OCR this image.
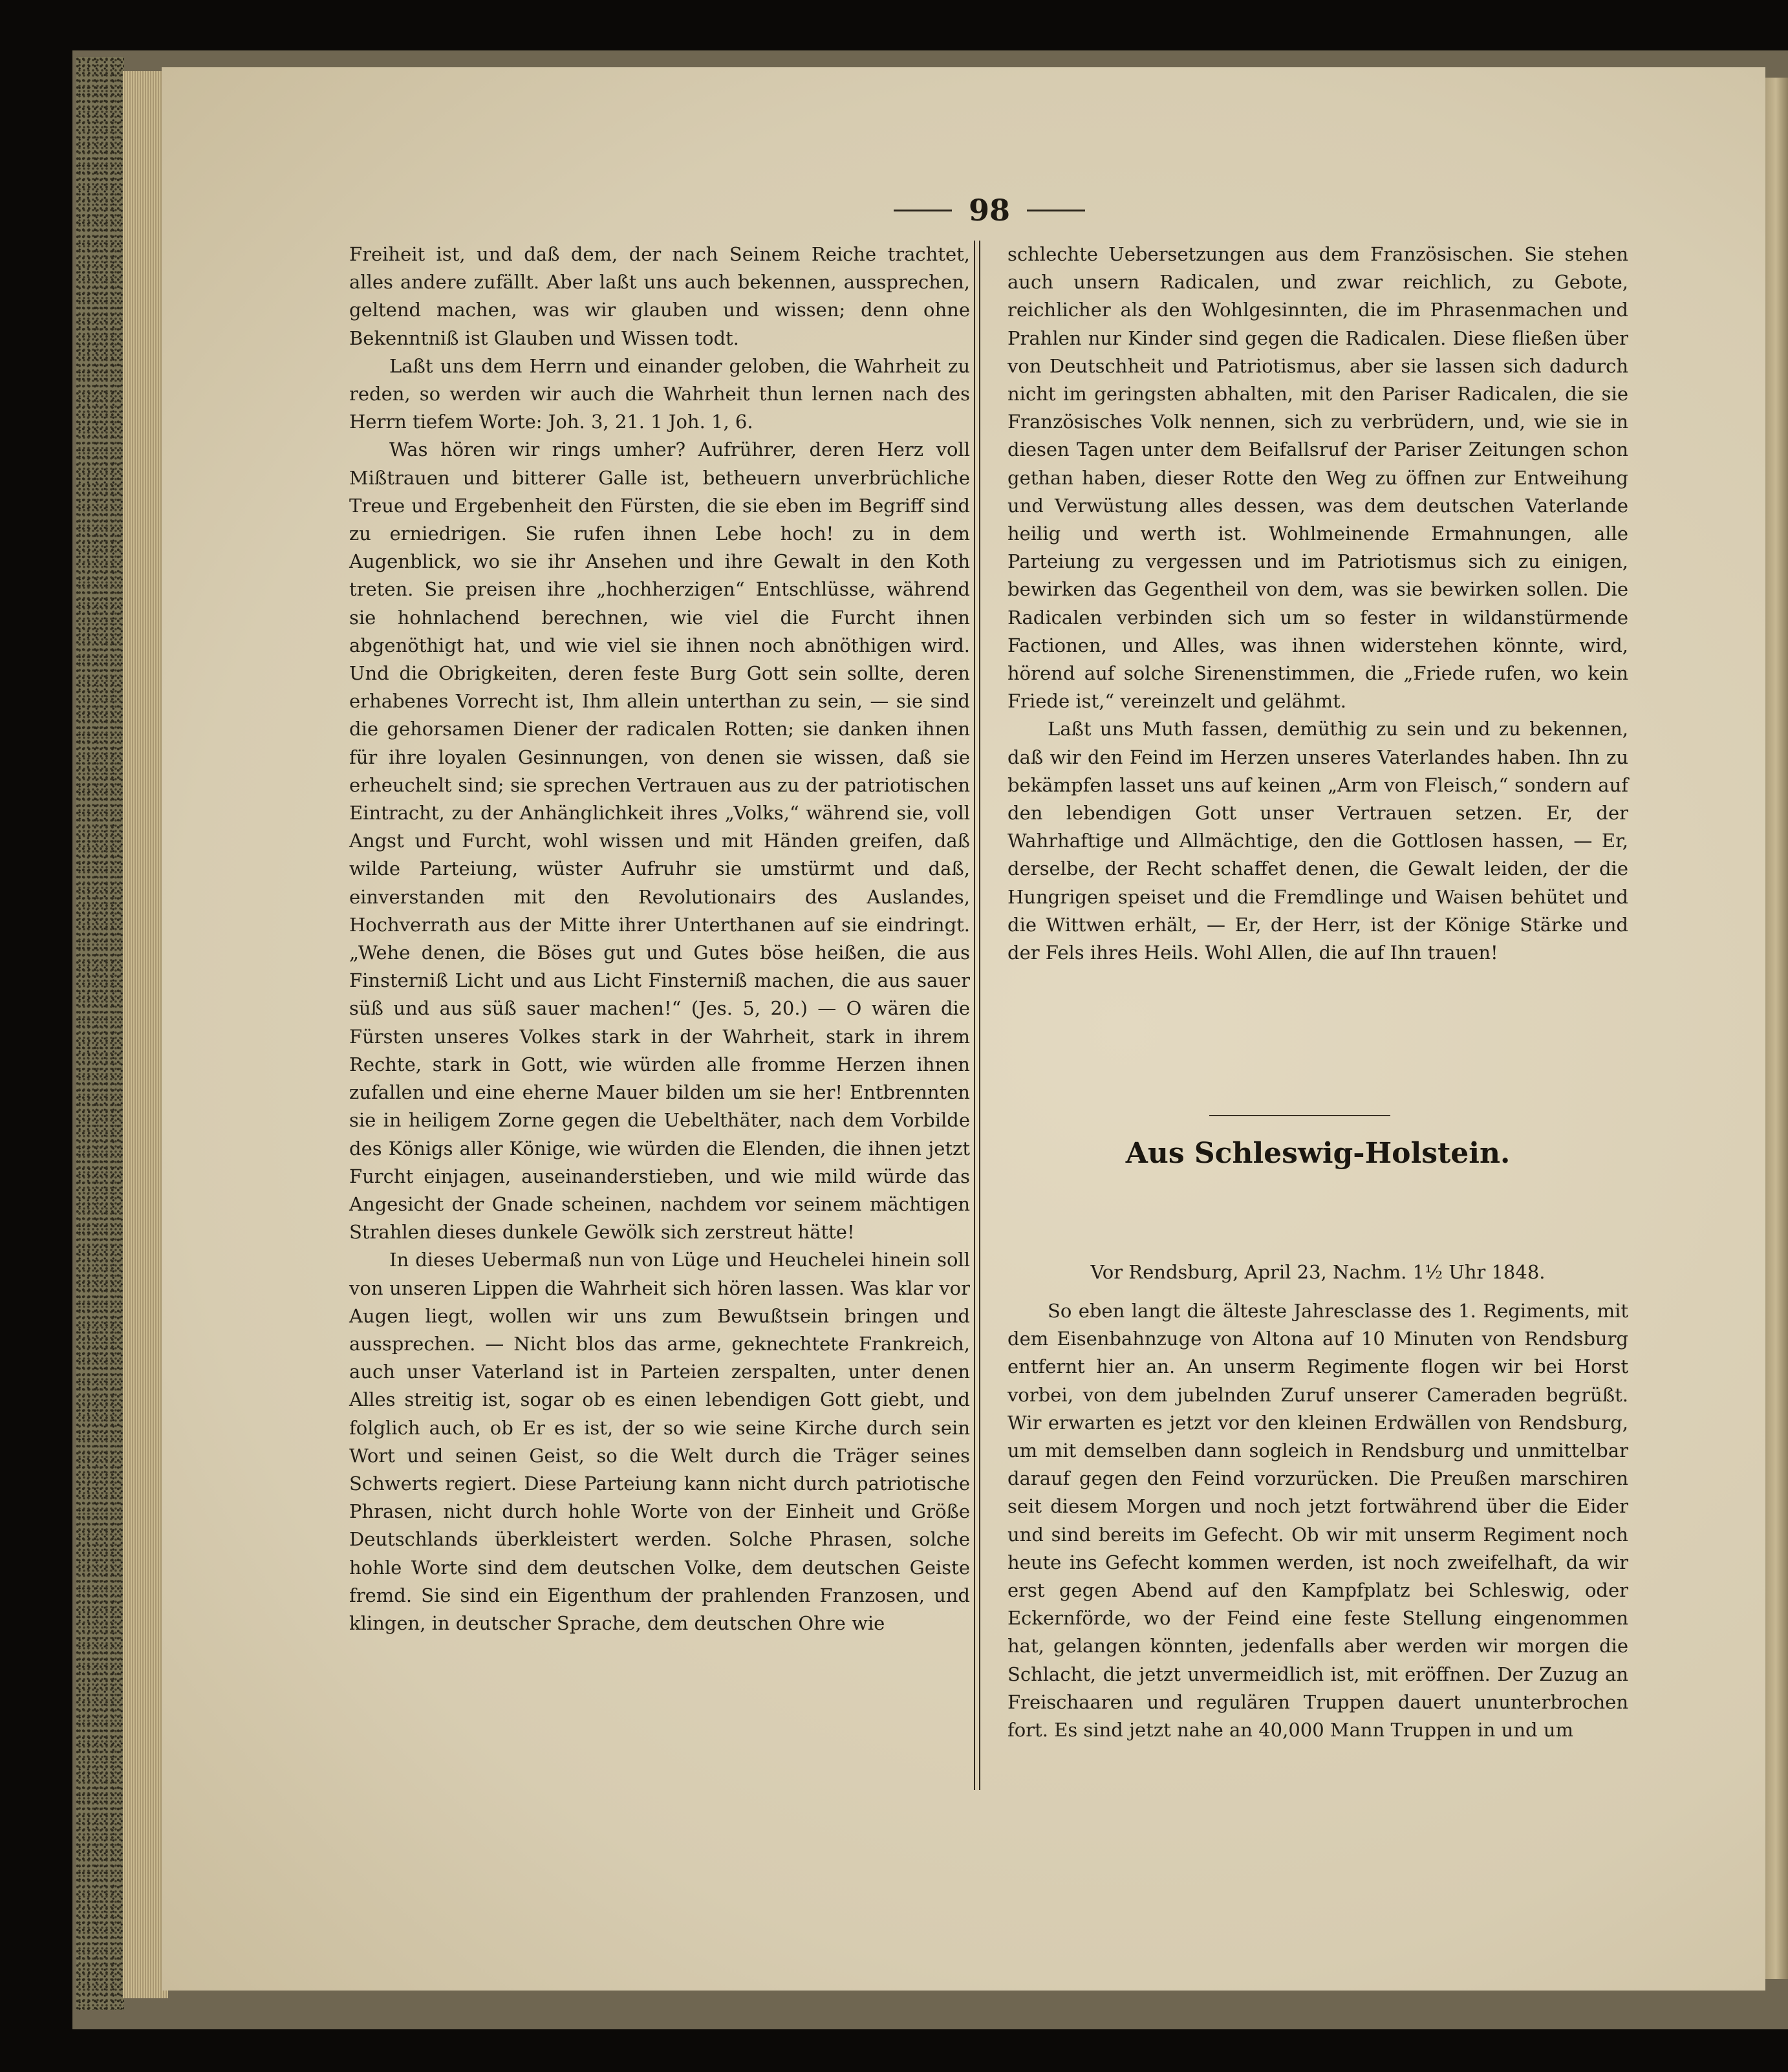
98

Freiheit ist, und daß dem, der nach Seinem Reiche trachtet, alles andere zufällt. Aber laßt uns auch bekennen, aussprechen, geltend machen, was wir glauben und wissen; denn ohne Bekenntniß ist Glauben und Wissen todt.

Laßt uns dem Herrn und einander geloben, die Wahrheit zu reden, so werden wir auch die Wahrheit thun lernen nach des Herrn tiefem Worte: Joh. 3, 21. 1 Joh. 1, 6.

Was hören wir rings umher? Aufrührer, deren Herz voll Mißtrauen und bitterer Galle ist, betheuern unverbrüchliche Treue und Ergebenheit den Fürsten, die sie eben im Begriff sind zu erniedrigen. Sie rufen ihnen Lebe hoch! zu in dem Augenblick, wo sie ihr Ansehen und ihre Gewalt in den Koth treten. Sie preisen ihre „hochherzigen“ Entschlüsse, während sie hohnlachend berechnen, wie viel die Furcht ihnen abgenöthigt hat, und wie viel sie ihnen noch abnöthigen wird. Und die Obrigkeiten, deren feste Burg Gott sein sollte, deren erhabenes Vorrecht ist, Ihm allein unterthan zu sein, — sie sind die gehorsamen Diener der radicalen Rotten; sie danken ihnen für ihre loyalen Gesinnungen, von denen sie wissen, daß sie erheuchelt sind; sie sprechen Vertrauen aus zu der patriotischen Eintracht, zu der Anhänglichkeit ihres „Volks,“ während sie, voll Angst und Furcht, wohl wissen und mit Händen greifen, daß wilde Parteiung, wüster Aufruhr sie umstürmt und daß, einverstanden mit den Revolutionairs des Auslandes, Hochverrath aus der Mitte ihrer Unterthanen auf sie eindringt. „Wehe denen, die Böses gut und Gutes böse heißen, die aus Finsterniß Licht und aus Licht Finsterniß machen, die aus sauer süß und aus süß sauer machen!“ (Jes. 5, 20.) — O wären die Fürsten unseres Volkes stark in der Wahrheit, stark in ihrem Rechte, stark in Gott, wie würden alle fromme Herzen ihnen zufallen und eine eherne Mauer bilden um sie her! Entbrennten sie in heiligem Zorne gegen die Uebelthäter, nach dem Vorbilde des Königs aller Könige, wie würden die Elenden, die ihnen jetzt Furcht einjagen, auseinanderstieben, und wie mild würde das Angesicht der Gnade scheinen, nachdem vor seinem mächtigen Strahlen dieses dunkele Gewölk sich zerstreut hätte!

In dieses Uebermaß nun von Lüge und Heuchelei hinein soll von unseren Lippen die Wahrheit sich hören lassen. Was klar vor Augen liegt, wollen wir uns zum Bewußtsein bringen und aussprechen. — Nicht blos das arme, geknechtete Frankreich, auch unser Vaterland ist in Parteien zerspalten, unter denen Alles streitig ist, sogar ob es einen lebendigen Gott giebt, und folglich auch, ob Er es ist, der so wie seine Kirche durch sein Wort und seinen Geist, so die Welt durch die Träger seines Schwerts regiert. Diese Parteiung kann nicht durch patriotische Phrasen, nicht durch hohle Worte von der Einheit und Größe Deutschlands überkleistert werden. Solche Phrasen, solche hohle Worte sind dem deutschen Volke, dem deutschen Geiste fremd. Sie sind ein Eigenthum der prahlenden Franzosen, und klingen, in deutscher Sprache, dem deutschen Ohre wie

schlechte Uebersetzungen aus dem Französischen. Sie stehen auch unsern Radicalen, und zwar reichlich, zu Gebote, reichlicher als den Wohlgesinnten, die im Phrasenmachen und Prahlen nur Kinder sind gegen die Radicalen. Diese fließen über von Deutschheit und Patriotismus, aber sie lassen sich dadurch nicht im geringsten abhalten, mit den Pariser Radicalen, die sie Französisches Volk nennen, sich zu verbrüdern, und, wie sie in diesen Tagen unter dem Beifallsruf der Pariser Zeitungen schon gethan haben, dieser Rotte den Weg zu öffnen zur Entweihung und Verwüstung alles dessen, was dem deutschen Vaterlande heilig und werth ist. Wohlmeinende Ermahnungen, alle Parteiung zu vergessen und im Patriotismus sich zu einigen, bewirken das Gegentheil von dem, was sie bewirken sollen. Die Radicalen verbinden sich um so fester in wildanstürmende Factionen, und Alles, was ihnen widerstehen könnte, wird, hörend auf solche Sirenenstimmen, die „Friede rufen, wo kein Friede ist,“ vereinzelt und gelähmt.

Laßt uns Muth fassen, demüthig zu sein und zu bekennen, daß wir den Feind im Herzen unseres Vaterlandes haben. Ihn zu bekämpfen lasset uns auf keinen „Arm von Fleisch,“ sondern auf den lebendigen Gott unser Vertrauen setzen. Er, der Wahrhaftige und Allmächtige, den die Gottlosen hassen, — Er, derselbe, der Recht schaffet denen, die Gewalt leiden, der die Hungrigen speiset und die Fremdlinge und Waisen behütet und die Wittwen erhält, — Er, der Herr, ist der Könige Stärke und der Fels ihres Heils. Wohl Allen, die auf Ihn trauen!

Aus Schleswig-Holstein.
Vor Rendsburg, April 23, Nachm. 1½ Uhr 1848.

So eben langt die älteste Jahresclasse des 1. Regiments, mit dem Eisenbahnzuge von Altona auf 10 Minuten von Rendsburg entfernt hier an. An unserm Regimente flogen wir bei Horst vorbei, von dem jubelnden Zuruf unserer Cameraden begrüßt. Wir erwarten es jetzt vor den kleinen Erdwällen von Rendsburg, um mit demselben dann sogleich in Rendsburg und unmittelbar darauf gegen den Feind vorzurücken. Die Preußen marschiren seit diesem Morgen und noch jetzt fortwährend über die Eider und sind bereits im Gefecht. Ob wir mit unserm Regiment noch heute ins Gefecht kommen werden, ist noch zweifelhaft, da wir erst gegen Abend auf den Kampfplatz bei Schleswig, oder Eckernförde, wo der Feind eine feste Stellung eingenommen hat, gelangen könnten, jedenfalls aber werden wir morgen die Schlacht, die jetzt unvermeidlich ist, mit eröffnen. Der Zuzug an Freischaaren und regulären Truppen dauert ununterbrochen fort. Es sind jetzt nahe an 40,000 Mann Truppen in und um
